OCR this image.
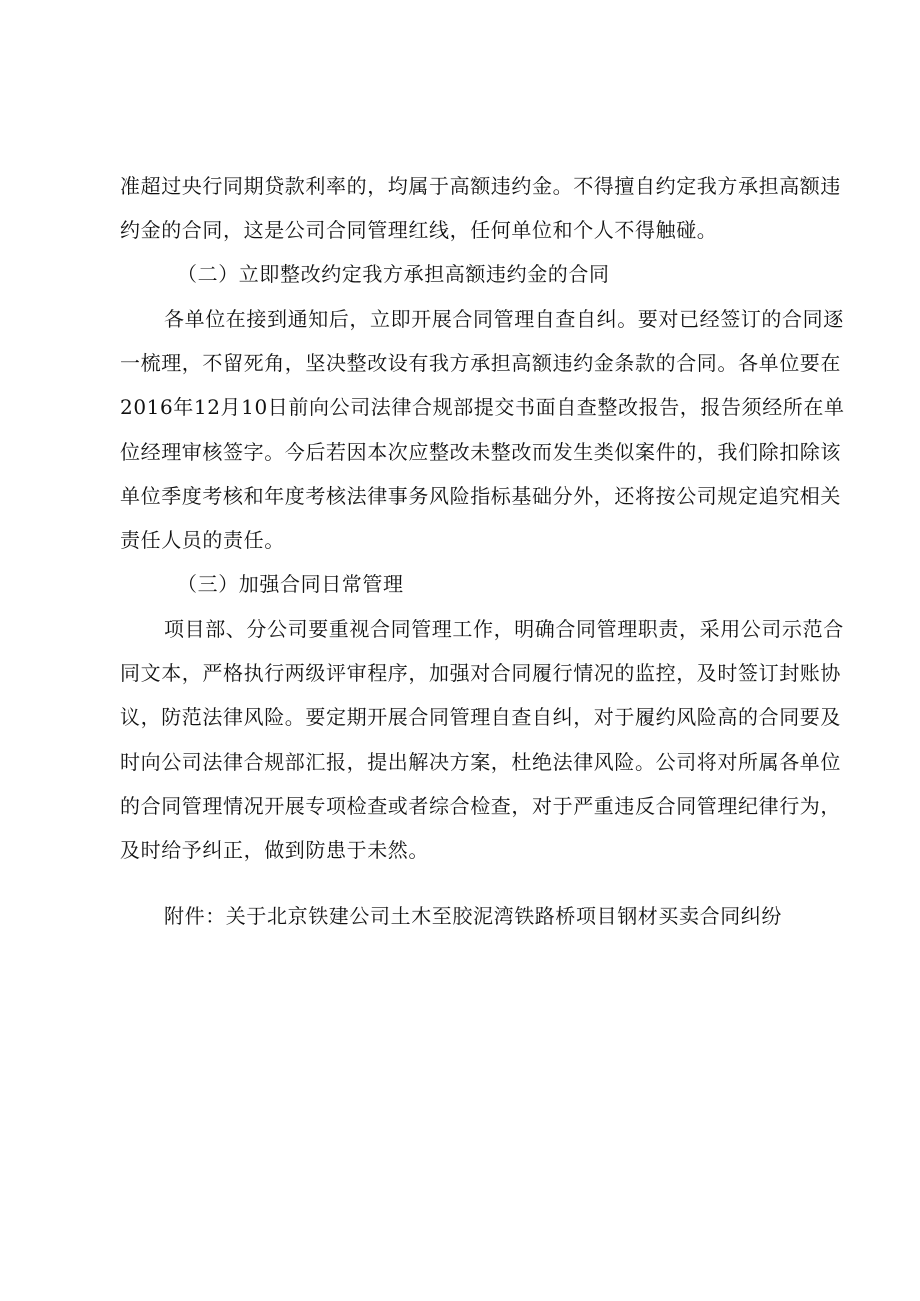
准超过央行同期贷款利率的，均属于高额违约金。不得擅自约定我方承担高额违
约金的合同，这是公司合同管理红线，任何单位和个人不得触碰。
（二）立即整改约定我方承担高额违约金的合同
各单位在接到通知后，立即开展合同管理自查自纠。要对已经签订的合同逐
一梳理，不留死角，坚决整改设有我方承担高额违约金条款的合同。各单位要在
2016年12月10日前向公司法律合规部提交书面自查整改报告，报告须经所在单
位经理审核签字。今后若因本次应整改未整改而发生类似案件的，我们除扣除该
单位季度考核和年度考核法律事务风险指标基础分外，还将按公司规定追究相关
责任人员的责任。
（三）加强合同日常管理
项目部、分公司要重视合同管理工作，明确合同管理职责，采用公司示范合
同文本，严格执行两级评审程序，加强对合同履行情况的监控，及时签订封账协
议，防范法律风险。要定期开展合同管理自查自纠，对于履约风险高的合同要及
时向公司法律合规部汇报，提出解决方案，杜绝法律风险。公司将对所属各单位
的合同管理情况开展专项检查或者综合检查，对于严重违反合同管理纪律行为，
及时给予纠正，做到防患于未然。
附件：关于北京铁建公司土木至胶泥湾铁路桥项目钢材买卖合同纠纷
